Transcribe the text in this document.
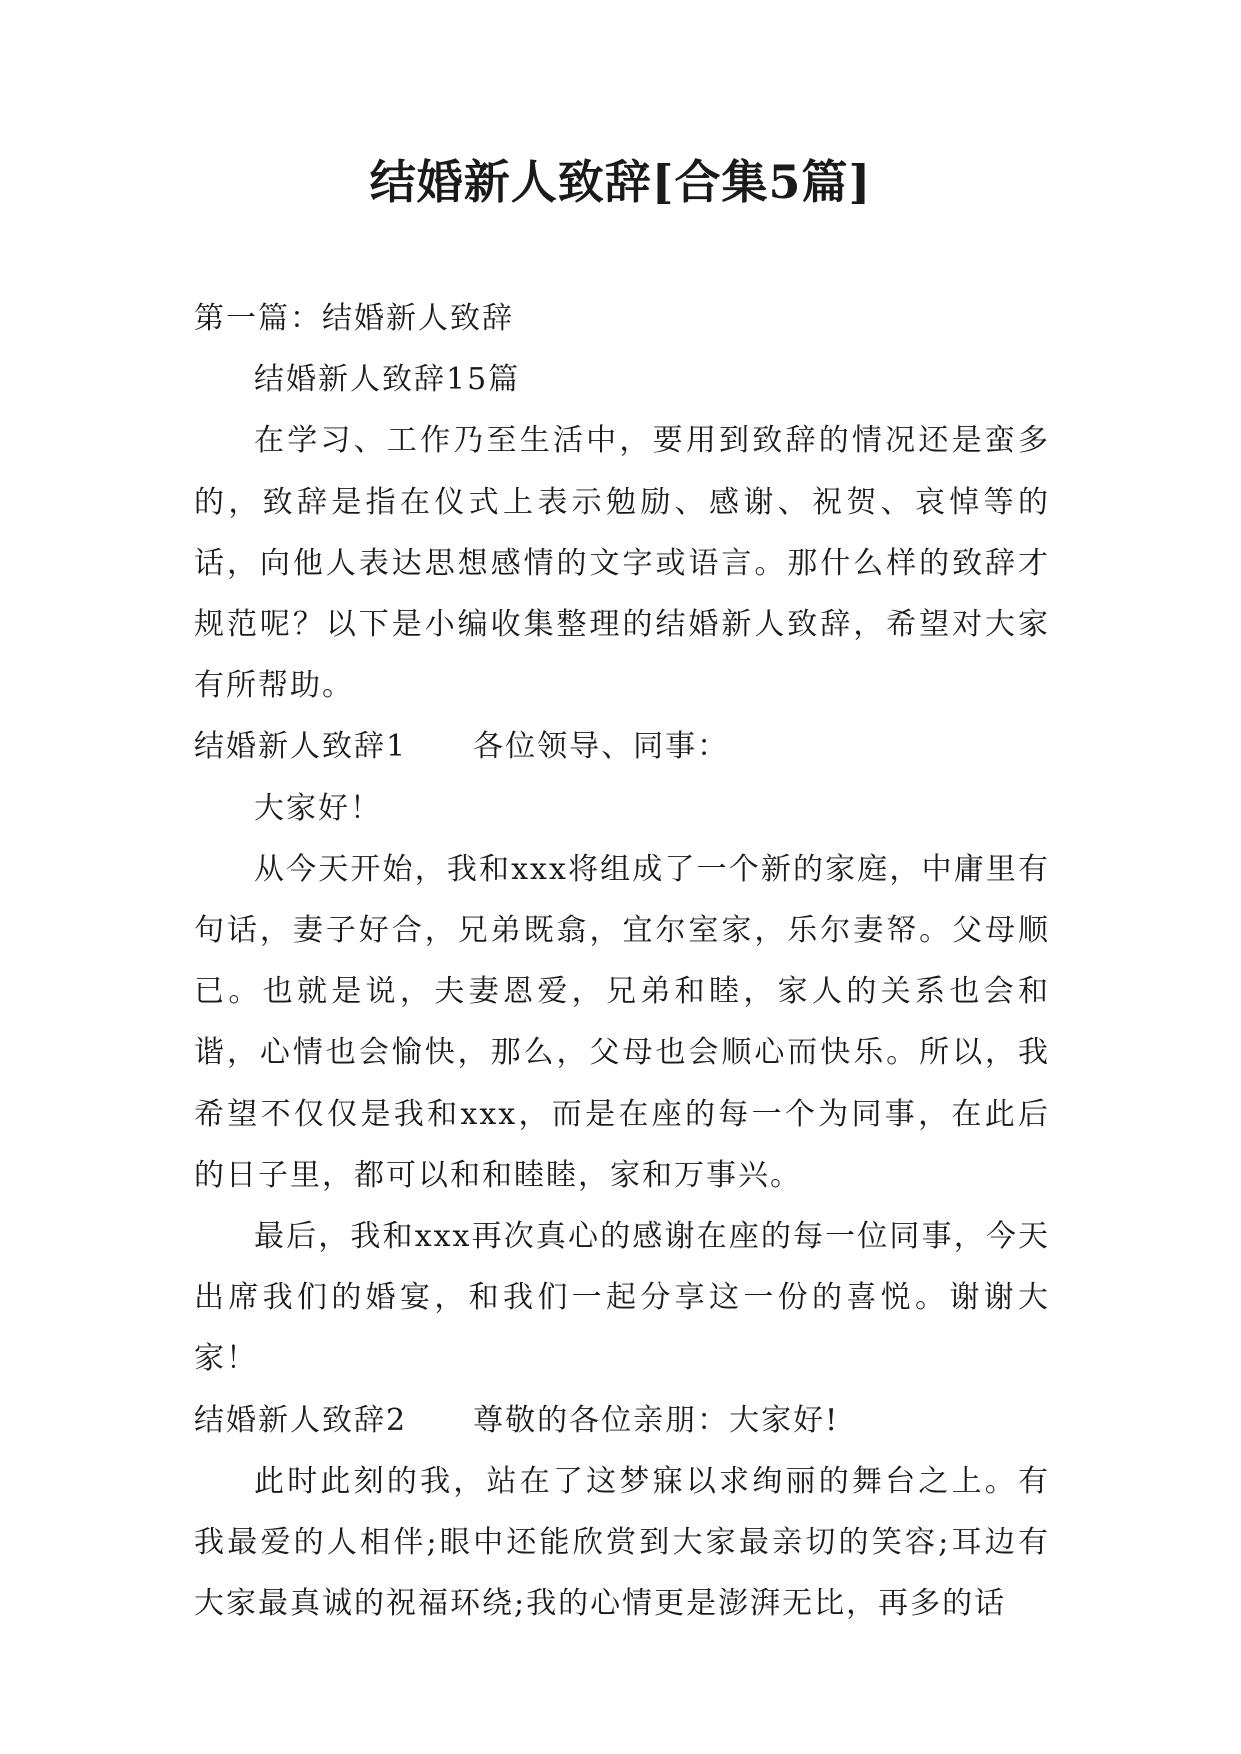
结婚新人致辞[合集5篇]

第一篇：结婚新人致辞

结婚新人致辞15篇

在学习、工作乃至生活中，要用到致辞的情况还是蛮多的，致辞是指在仪式上表示勉励、感谢、祝贺、哀悼等的话，向他人表达思想感情的文字或语言。那什么样的致辞才规范呢？以下是小编收集整理的结婚新人致辞，希望对大家有所帮助。

结婚新人致辞1 各位领导、同事：

大家好！

从今天开始，我和xxx将组成了一个新的家庭，中庸里有句话，妻子好合，兄弟既翕，宜尔室家，乐尔妻帑。父母顺已。也就是说，夫妻恩爱，兄弟和睦，家人的关系也会和谐，心情也会愉快，那么，父母也会顺心而快乐。所以，我希望不仅仅是我和xxx，而是在座的每一个为同事，在此后的日子里，都可以和和睦睦，家和万事兴。

最后，我和xxx再次真心的感谢在座的每一位同事，今天出席我们的婚宴，和我们一起分享这一份的喜悦。谢谢大家！

结婚新人致辞2 尊敬的各位亲朋：大家好!

此时此刻的我，站在了这梦寐以求绚丽的舞台之上。有我最爱的人相伴;眼中还能欣赏到大家最亲切的笑容;耳边有大家最真诚的祝福环绕;我的心情更是澎湃无比，再多的话
